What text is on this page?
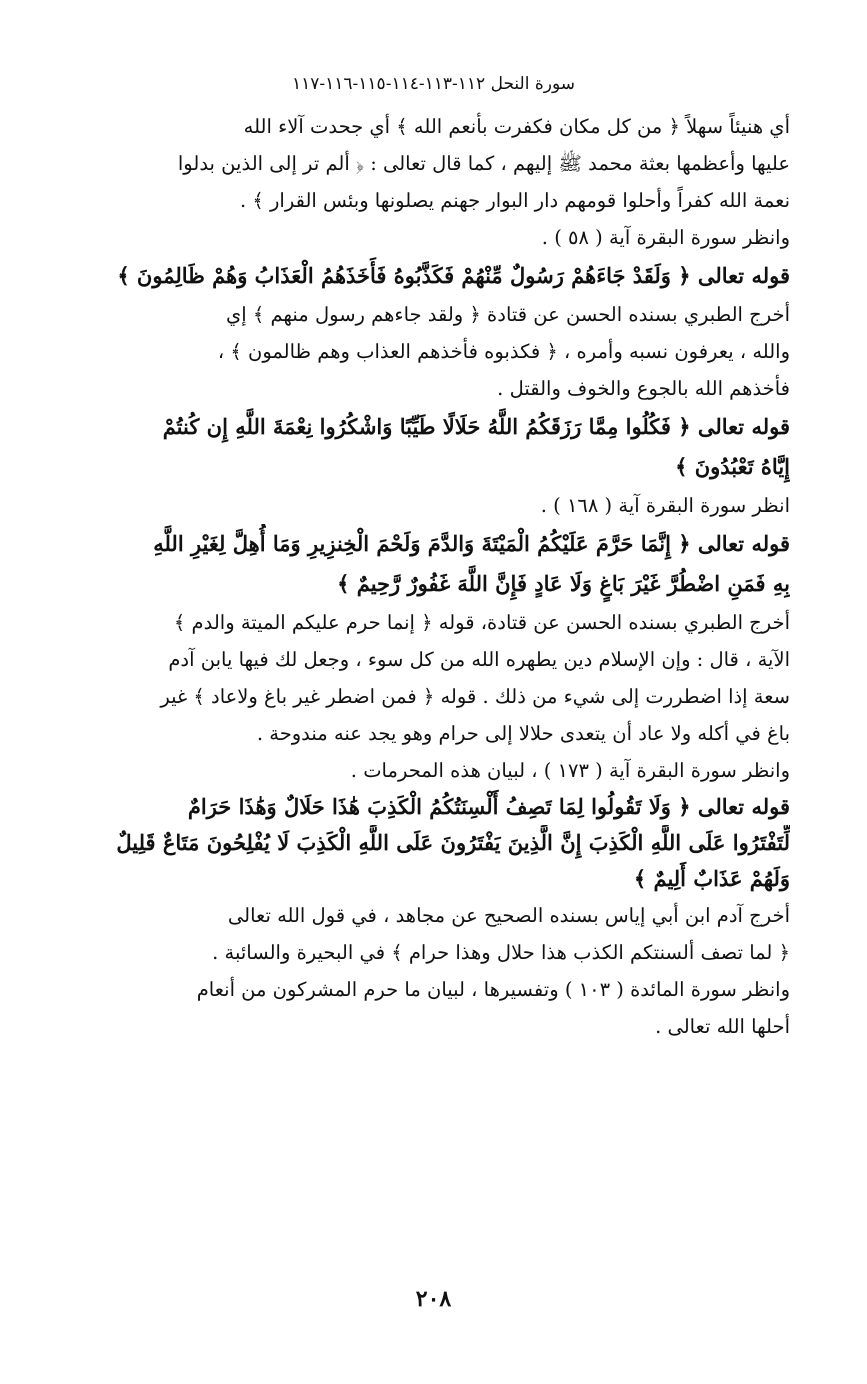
سورة النحل ١١٢-١١٣-١١٤-١١٥-١١٦-١١٧
أي هنيئاً سهلاً ﴿ من كل مكان فكفرت بأنعم الله ﴾ أي جحدت آلاء الله
عليها وأعظمها بعثة محمد ﷺ إليهم ، كما قال تعالى : ﴿ ألم تر إلى الذين بدلوا
نعمة الله كفراً وأحلوا قومهم دار البوار جهنم يصلونها وبئس القرار ﴾ .
وانظر سورة البقرة آية ( ٥٨ ) .
قوله تعالى ﴿ وَلَقَدْ جَاءَهُمْ رَسُولٌ مِّنْهُمْ فَكَذَّبُوهُ فَأَخَذَهُمُ الْعَذَابُ وَهُمْ ظَالِمُونَ ﴾
أخرج الطبري بسنده الحسن عن قتادة ﴿ ولقد جاءهم رسول منهم ﴾ إي
والله ، يعرفون نسبه وأمره ، ﴿ فكذبوه فأخذهم العذاب وهم ظالمون ﴾ ،
فأخذهم الله بالجوع والخوف والقتل .
قوله تعالى ﴿ فَكُلُوا مِمَّا رَزَقَكُمُ اللَّهُ حَلَالًا طَيِّبًا وَاشْكُرُوا نِعْمَةَ اللَّهِ إِن كُنتُمْ
إِيَّاهُ تَعْبُدُونَ ﴾
انظر سورة البقرة آية ( ١٦٨ ) .
قوله تعالى ﴿ إِنَّمَا حَرَّمَ عَلَيْكُمُ الْمَيْتَةَ وَالدَّمَ وَلَحْمَ الْخِنزِيرِ وَمَا أُهِلَّ لِغَيْرِ اللَّهِ
بِهِ فَمَنِ اضْطُرَّ غَيْرَ بَاغٍ وَلَا عَادٍ فَإِنَّ اللَّهَ غَفُورٌ رَّحِيمٌ ﴾
أخرج الطبري بسنده الحسن عن قتادة، قوله ﴿ إنما حرم عليكم الميتة والدم ﴾
الآية ، قال : وإن الإسلام دين يطهره الله من كل سوء ، وجعل لك فيها يابن آدم
سعة إذا اضطررت إلى شيء من ذلك . قوله ﴿ فمن اضطر غير باغ ولاعاد ﴾ غير
باغ في أكله ولا عاد أن يتعدى حلالا إلى حرام وهو يجد عنه مندوحة .
وانظر سورة البقرة آية ( ١٧٣ ) ، لبيان هذه المحرمات .
قوله تعالى ﴿ وَلَا تَقُولُوا لِمَا تَصِفُ أَلْسِنَتُكُمُ الْكَذِبَ هَٰذَا حَلَالٌ وَهَٰذَا حَرَامٌ
لِّتَفْتَرُوا عَلَى اللَّهِ الْكَذِبَ إِنَّ الَّذِينَ يَفْتَرُونَ عَلَى اللَّهِ الْكَذِبَ لَا يُفْلِحُونَ مَتَاعٌ قَلِيلٌ
وَلَهُمْ عَذَابٌ أَلِيمٌ ﴾
أخرج آدم ابن أبي إياس بسنده الصحيح عن مجاهد ، في قول الله تعالى
﴿ لما تصف ألسنتكم الكذب هذا حلال وهذا حرام ﴾ في البحيرة والسائبة .
وانظر سورة المائدة ( ١٠٣ ) وتفسيرها ، لبيان ما حرم المشركون من أنعام
أحلها الله تعالى .
٢٠٨
